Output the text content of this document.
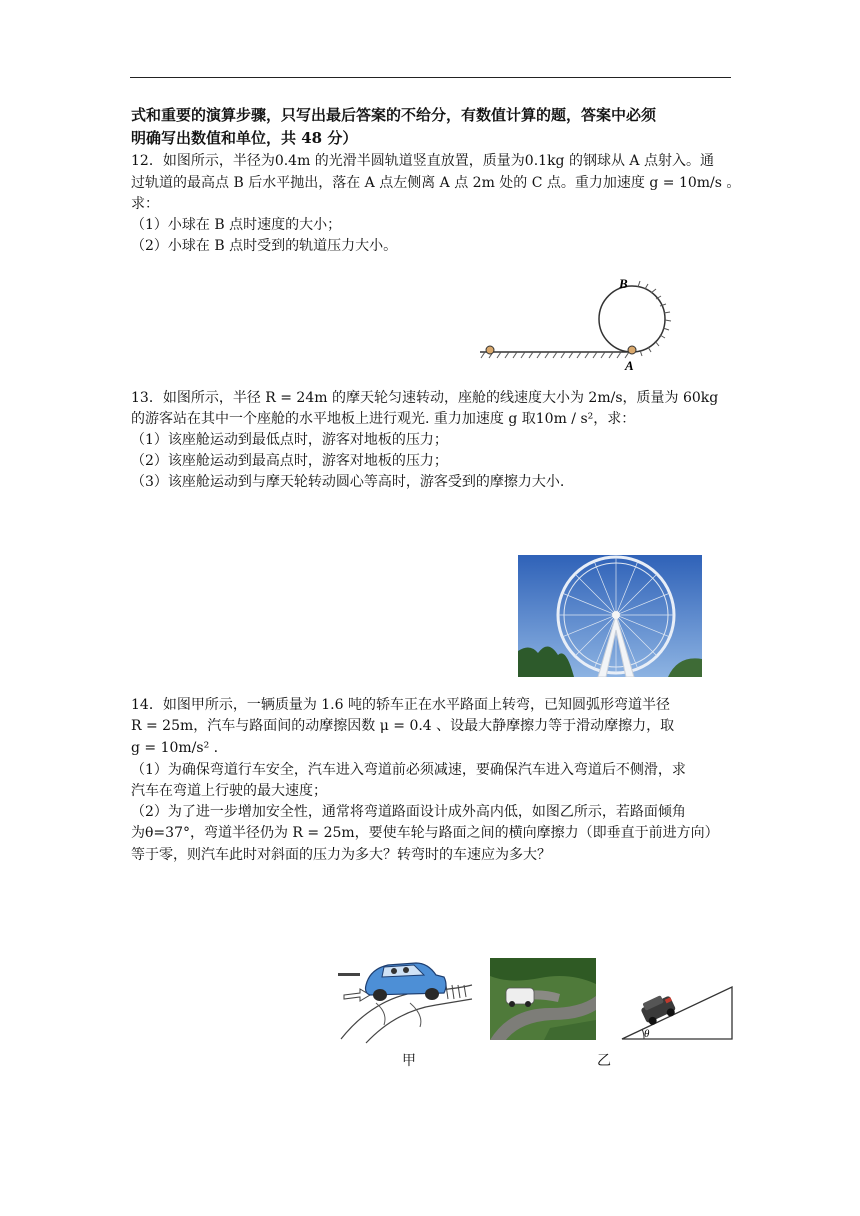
式和重要的演算步骤，只写出最后答案的不给分，有数值计算的题，答案中必须
明确写出数值和单位，共 48 分）
12．如图所示，半径为0.4m 的光滑半圆轨道竖直放置，质量为0.1kg 的钢球从 A 点射入。通
过轨道的最高点 B 后水平抛出，落在 A 点左侧离 A 点 2m 处的 C 点。重力加速度 g = 10m/s 。
求：
（1）小球在 B 点时速度的大小；
（2）小球在 B 点时受到的轨道压力大小。
B
A
13．如图所示，半径 R = 24m 的摩天轮匀速转动，座舱的线速度大小为 2m/s，质量为 60kg
的游客站在其中一个座舱的水平地板上进行观光. 重力加速度 g 取10m / s²，求：
（1）该座舱运动到最低点时，游客对地板的压力；
（2）该座舱运动到最高点时，游客对地板的压力；
（3）该座舱运动到与摩天轮转动圆心等高时，游客受到的摩擦力大小.
14．如图甲所示，一辆质量为 1.6 吨的轿车正在水平路面上转弯，已知圆弧形弯道半径
R = 25m，汽车与路面间的动摩擦因数 μ = 0.4 、设最大静摩擦力等于滑动摩擦力，取
g = 10m/s² .
（1）为确保弯道行车安全，汽车进入弯道前必须减速，要确保汽车进入弯道后不侧滑，求
汽车在弯道上行驶的最大速度；
（2）为了进一步增加安全性，通常将弯道路面设计成外高内低，如图乙所示，若路面倾角
为θ=37°，弯道半径仍为 R = 25m，要使车轮与路面之间的横向摩擦力（即垂直于前进方向）
等于零，则汽车此时对斜面的压力为多大？转弯时的车速应为多大？
甲
θ
乙
